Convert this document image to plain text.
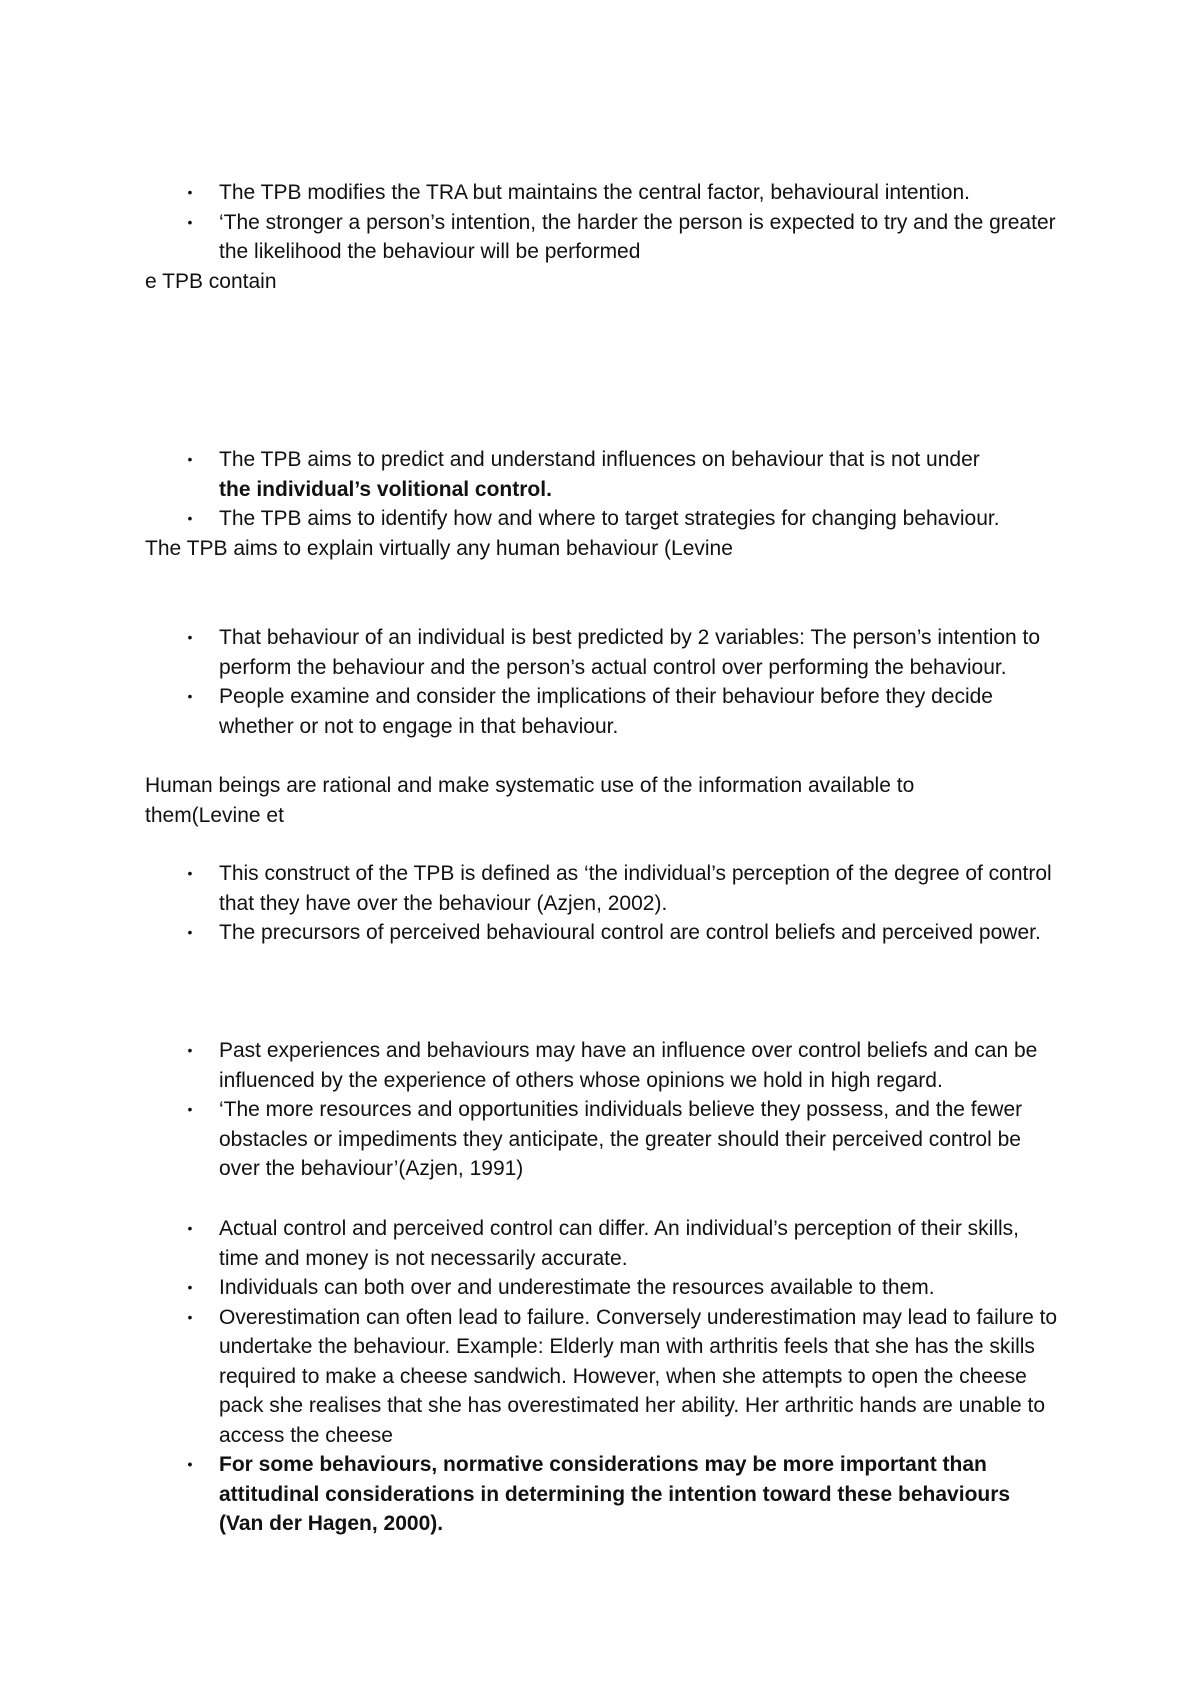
• The TPB modifies the TRA but maintains the central factor, behavioural intention.
• ‘The stronger a person’s intention, the harder the person is expected to try and the greater the likelihood the behaviour will be performed
e TPB contain
• The TPB aims to predict and understand influences on behaviour that is not under
the individual’s volitional control.
• The TPB aims to identify how and where to target strategies for changing behaviour.
The TPB aims to explain virtually any human behaviour (Levine
• That behaviour of an individual is best predicted by 2 variables: The person’s intention to perform the behaviour and the person’s actual control over performing the behaviour.
• People examine and consider the implications of their behaviour before they decide whether or not to engage in that behaviour.
Human beings are rational and make systematic use of the information available to them(Levine et
• This construct of the TPB is defined as ‘the individual’s perception of the degree of control that they have over the behaviour (Azjen, 2002).
• The precursors of perceived behavioural control are control beliefs and perceived power.
• Past experiences and behaviours may have an influence over control beliefs and can be influenced by the experience of others whose opinions we hold in high regard.
• ‘The more resources and opportunities individuals believe they possess, and the fewer obstacles or impediments they anticipate, the greater should their perceived control be over the behaviour’(Azjen, 1991)
• Actual control and perceived control can differ. An individual’s perception of their skills, time and money is not necessarily accurate.
• Individuals can both over and underestimate the resources available to them.
• Overestimation can often lead to failure. Conversely underestimation may lead to failure to undertake the behaviour. Example: Elderly man with arthritis feels that she has the skills required to make a cheese sandwich. However, when she attempts to open the cheese pack she realises that she has overestimated her ability. Her arthritic hands are unable to access the cheese
• For some behaviours, normative considerations may be more important than attitudinal considerations in determining the intention toward these behaviours (Van der Hagen, 2000).
